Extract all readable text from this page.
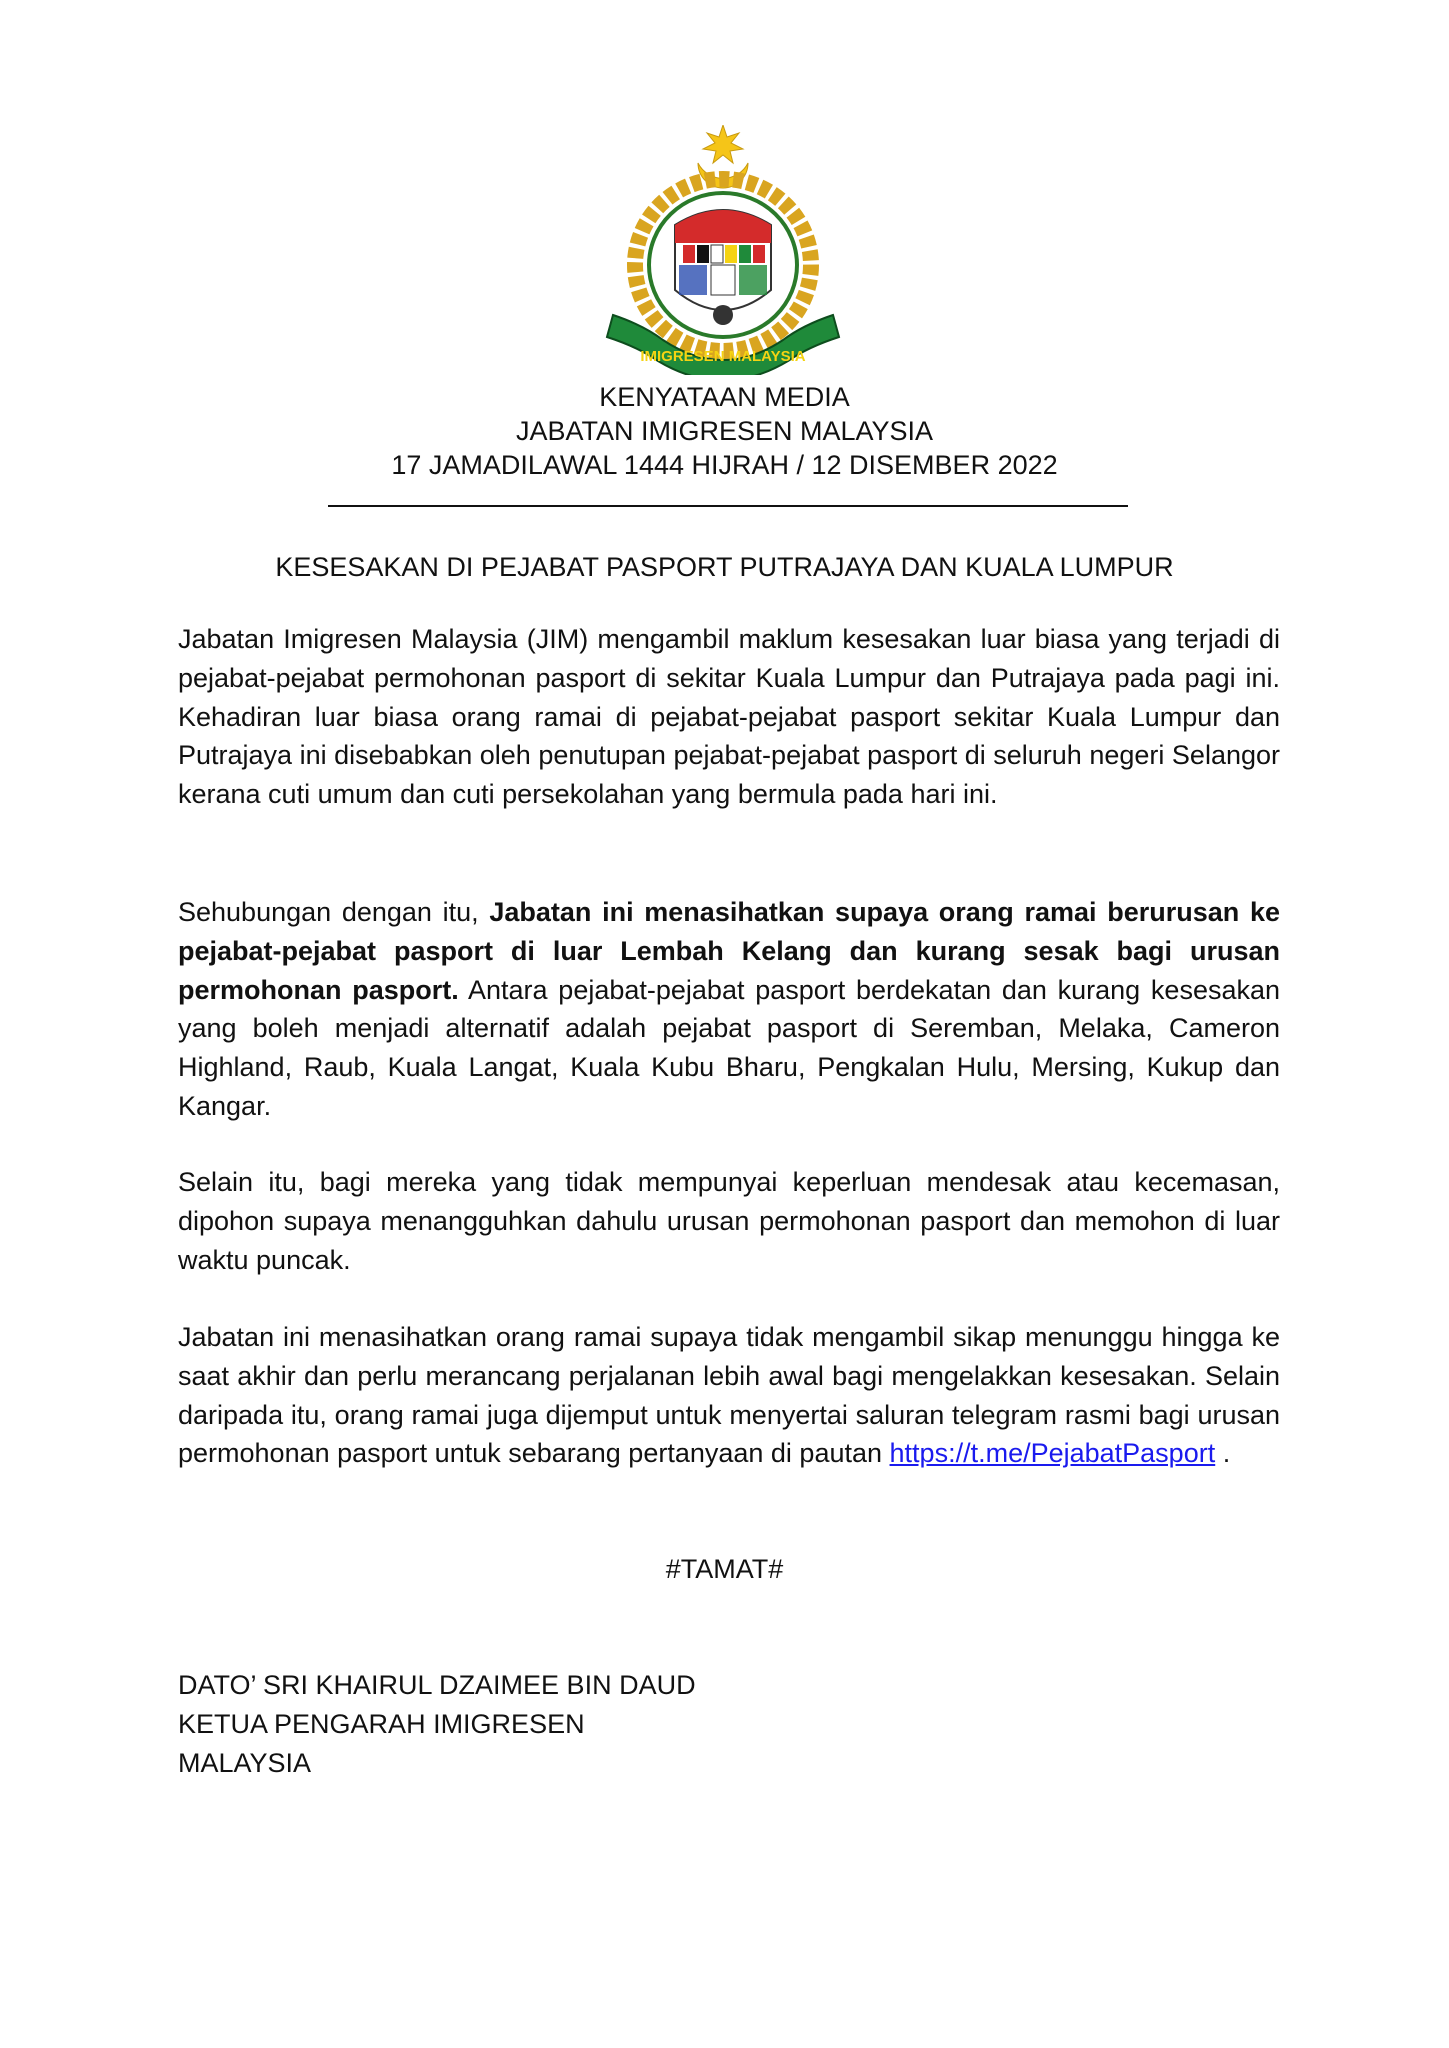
IMIGRESEN MALAYSIA
KENYATAAN MEDIA
JABATAN IMIGRESEN MALAYSIA
17 JAMADILAWAL 1444 HIJRAH / 12 DISEMBER 2022
KESESAKAN DI PEJABAT PASPORT PUTRAJAYA DAN KUALA LUMPUR

Jabatan Imigresen Malaysia (JIM) mengambil maklum kesesakan luar biasa yang terjadi di pejabat-pejabat permohonan pasport di sekitar Kuala Lumpur dan Putrajaya pada pagi ini. Kehadiran luar biasa orang ramai di pejabat-pejabat pasport sekitar Kuala Lumpur dan Putrajaya ini disebabkan oleh penutupan pejabat-pejabat pasport di seluruh negeri Selangor kerana cuti umum dan cuti persekolahan yang bermula pada hari ini.

Sehubungan dengan itu, Jabatan ini menasihatkan supaya orang ramai berurusan ke pejabat-pejabat pasport di luar Lembah Kelang dan kurang sesak bagi urusan permohonan pasport. Antara pejabat-pejabat pasport berdekatan dan kurang kesesakan yang boleh menjadi alternatif adalah pejabat pasport di Seremban, Melaka, Cameron Highland, Raub, Kuala Langat, Kuala Kubu Bharu, Pengkalan Hulu, Mersing, Kukup dan Kangar.

Selain itu, bagi mereka yang tidak mempunyai keperluan mendesak atau kecemasan, dipohon supaya menangguhkan dahulu urusan permohonan pasport dan memohon di luar waktu puncak.

Jabatan ini menasihatkan orang ramai supaya tidak mengambil sikap menunggu hingga ke saat akhir dan perlu merancang perjalanan lebih awal bagi mengelakkan kesesakan. Selain daripada itu, orang ramai juga dijemput untuk menyertai saluran telegram rasmi bagi urusan permohonan pasport untuk sebarang pertanyaan di pautan https://t.me/PejabatPasport .

#TAMAT#
DATO’ SRI KHAIRUL DZAIMEE BIN DAUD
KETUA PENGARAH IMIGRESEN
MALAYSIA
